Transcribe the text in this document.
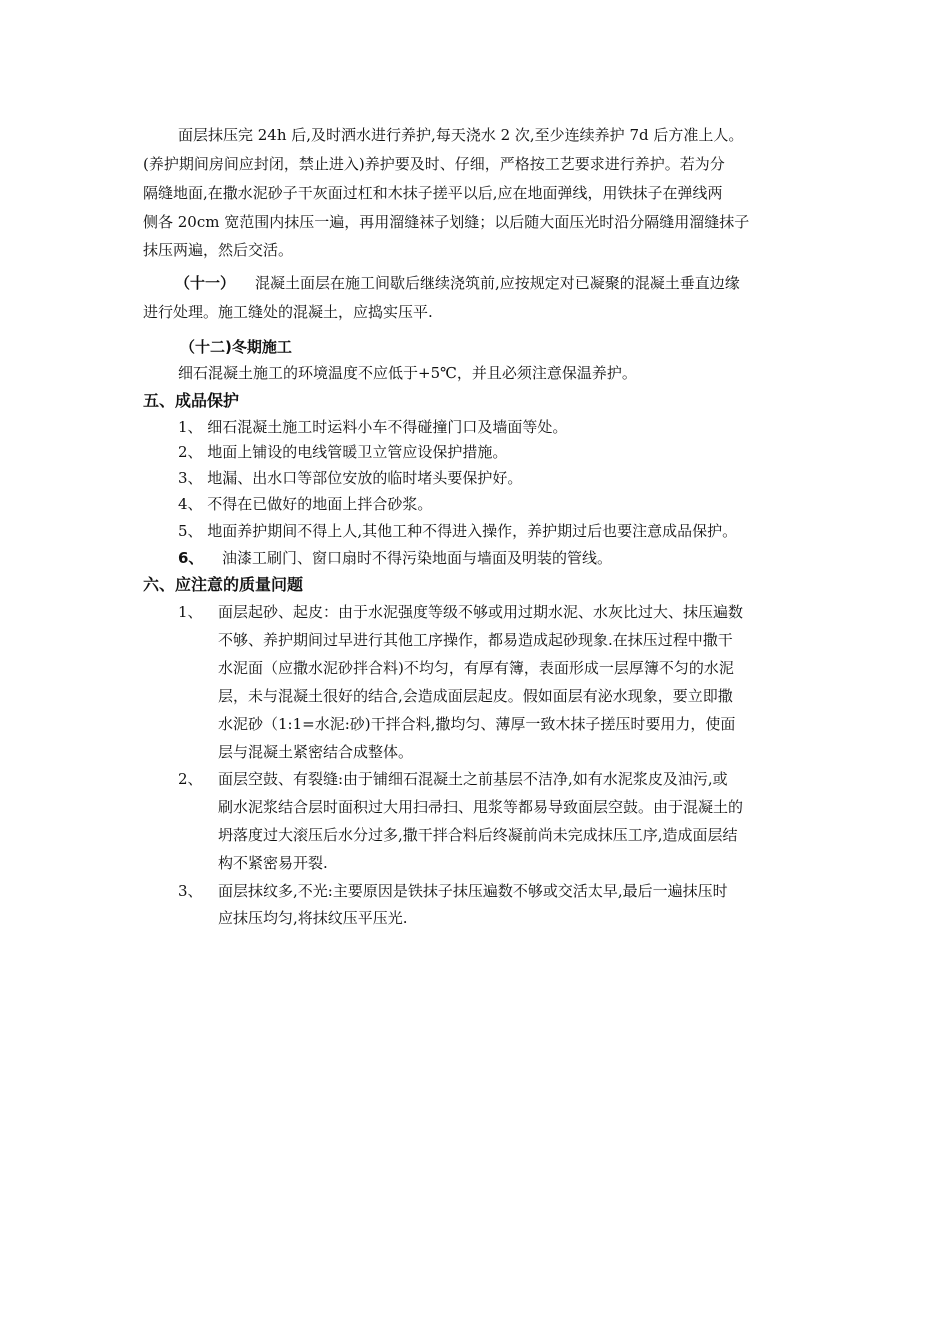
面层抹压完 24h 后,及时洒水进行养护,每天浇水 2 次,至少连续养护 7d 后方准上人。
(养护期间房间应封闭，禁止进入)养护要及时、仔细，严格按工艺要求进行养护。若为分
隔缝地面,在撒水泥砂子干灰面过杠和木抹子搓平以后,应在地面弹线，用铁抹子在弹线两
侧各 20cm 宽范围内抹压一遍，再用溜缝袜子划缝；以后随大面压光时沿分隔缝用溜缝抹子
抹压两遍，然后交活。
（十一） 混凝土面层在施工间歇后继续浇筑前,应按规定对已凝聚的混凝土垂直边缘
进行处理。施工缝处的混凝土，应捣实压平.
（十二)冬期施工
细石混凝土施工的环境温度不应低于+5℃，并且必须注意保温养护。
五、成品保护
1、 细石混凝土施工时运料小车不得碰撞门口及墙面等处。
2、 地面上铺设的电线管暖卫立管应设保护措施。
3、 地漏、出水口等部位安放的临时堵头要保护好。
4、 不得在已做好的地面上拌合砂浆。
5、 地面养护期间不得上人,其他工种不得进入操作，养护期过后也要注意成品保护。
6、 油漆工刷门、窗口扇时不得污染地面与墙面及明装的管线。
六、应注意的质量问题
1、 面层起砂、起皮：由于水泥强度等级不够或用过期水泥、水灰比过大、抹压遍数
不够、养护期间过早进行其他工序操作，都易造成起砂现象.在抹压过程中撒干
水泥面（应撒水泥砂拌合料)不均匀，有厚有簿，表面形成一层厚簿不匀的水泥
层，未与混凝土很好的结合,会造成面层起皮。假如面层有泌水现象，要立即撒
水泥砂（1:1=水泥:砂)干拌合料,撒均匀、薄厚一致木抹子搓压时要用力，使面
层与混凝土紧密结合成整体。
2、 面层空鼓、有裂缝:由于铺细石混凝土之前基层不洁净,如有水泥浆皮及油污,或
刷水泥浆结合层时面积过大用扫帚扫、甩浆等都易导致面层空鼓。由于混凝土的
坍落度过大滚压后水分过多,撒干拌合料后终凝前尚未完成抹压工序,造成面层结
构不紧密易开裂.
3、 面层抹纹多,不光:主要原因是铁抹子抹压遍数不够或交活太早,最后一遍抹压时
应抹压均匀,将抹纹压平压光.
